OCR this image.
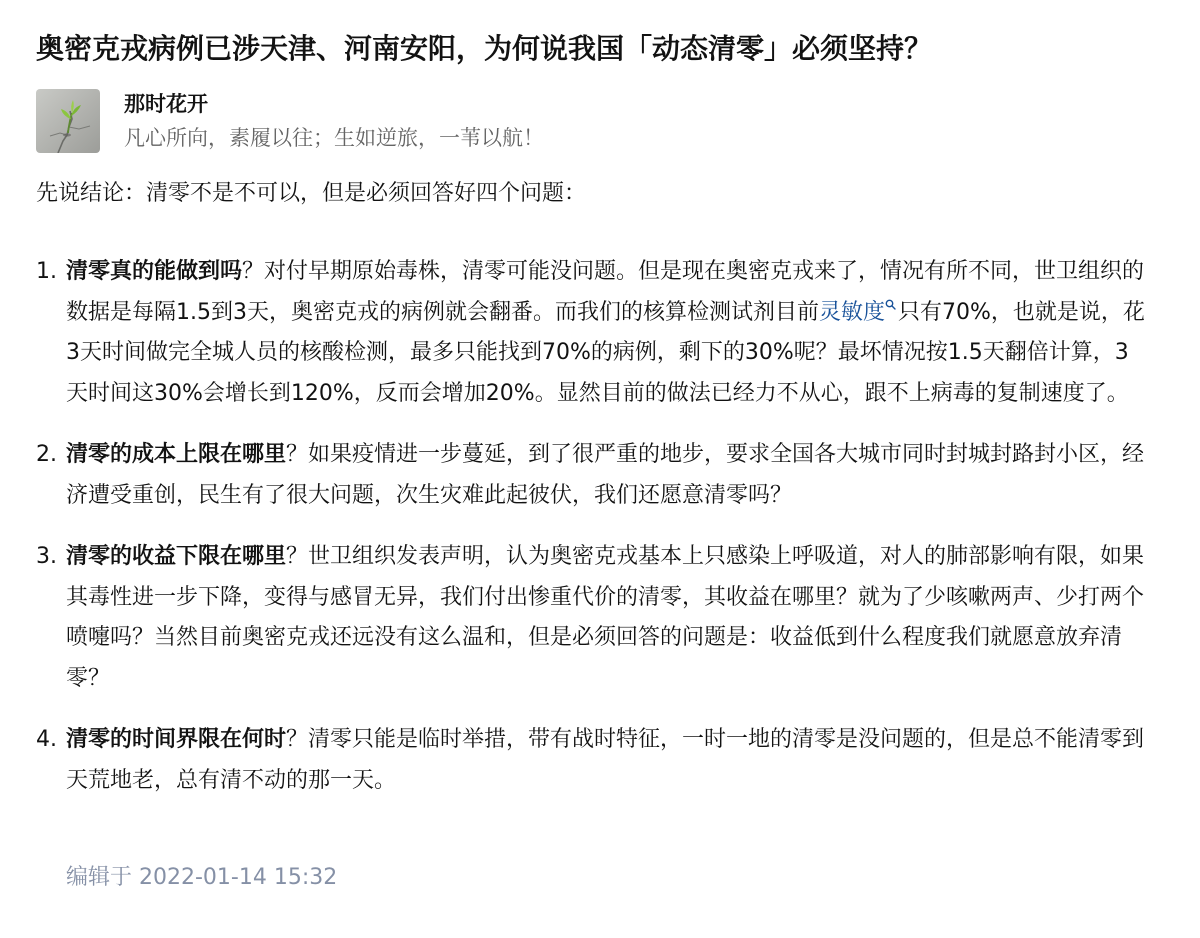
奥密克戎病例已涉天津、河南安阳，为何说我国「动态清零」必须坚持？
那时花开
凡心所向，素履以往；生如逆旅，一苇以航！
先说结论：清零不是不可以，但是必须回答好四个问题：
1. 清零真的能做到吗？对付早期原始毒株，清零可能没问题。但是现在奥密克戎来了，情况有所不同，世卫组织的数据是每隔1.5到3天，奥密克戎的病例就会翻番。而我们的核算检测试剂目前灵敏度 只有70%，也就是说，花3天时间做完全城人员的核酸检测，最多只能找到70%的病例，剩下的30%呢？最坏情况按1.5天翻倍计算，3天时间这30%会增长到120%，反而会增加20%。显然目前的做法已经力不从心，跟不上病毒的复制速度了。
2. 清零的成本上限在哪里？如果疫情进一步蔓延，到了很严重的地步，要求全国各大城市同时封城封路封小区，经济遭受重创，民生有了很大问题，次生灾难此起彼伏，我们还愿意清零吗？
3. 清零的收益下限在哪里？世卫组织发表声明，认为奥密克戎基本上只感染上呼吸道，对人的肺部影响有限，如果其毒性进一步下降，变得与感冒无异，我们付出惨重代价的清零，其收益在哪里？就为了少咳嗽两声、少打两个喷嚏吗？当然目前奥密克戎还远没有这么温和，但是必须回答的问题是：收益低到什么程度我们就愿意放弃清零？
4. 清零的时间界限在何时？清零只能是临时举措，带有战时特征，一时一地的清零是没问题的，但是总不能清零到天荒地老，总有清不动的那一天。
编辑于 2022-01-14 15:32
